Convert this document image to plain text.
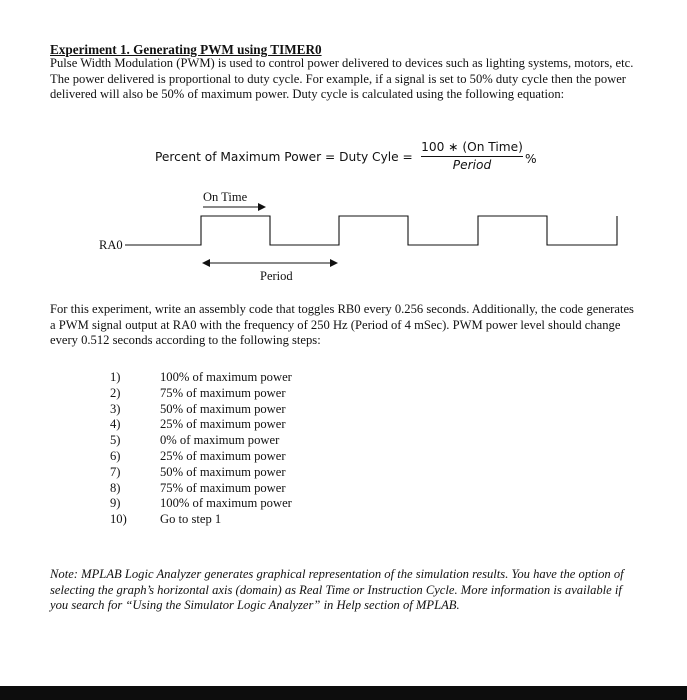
Experiment 1. Generating PWM using TIMER0
Pulse Width Modulation (PWM) is used to control power delivered to devices such as lighting systems, motors, etc. The power delivered is proportional to duty cycle. For example, if a signal is set to 50% duty cycle then the power delivered will also be 50% of maximum power. Duty cycle is calculated using the following equation:
Percent of Maximum Power = Duty Cyle =
100 ∗ (On Time)
Period	%
RA0
On Time
Period
For this experiment, write an assembly code that toggles RB0 every 0.256 seconds. Additionally, the code generates a PWM signal output at RA0 with the frequency of 250 Hz (Period of 4 mSec). PWM power level should change every 0.512 seconds according to the following steps:
1)	100% of maximum power
2)	75% of maximum power
3)	50% of maximum power
4)	25% of maximum power
5)	0% of maximum power
6)	25% of maximum power
7)	50% of maximum power
8)	75% of maximum power
9)	100% of maximum power
10)	Go to step 1
Note: MPLAB Logic Analyzer generates graphical representation of the simulation results. You have the option of selecting the graph’s horizontal axis (domain) as Real Time or Instruction Cycle. More information is available if you search for “Using the Simulator Logic Analyzer” in Help section of MPLAB.
